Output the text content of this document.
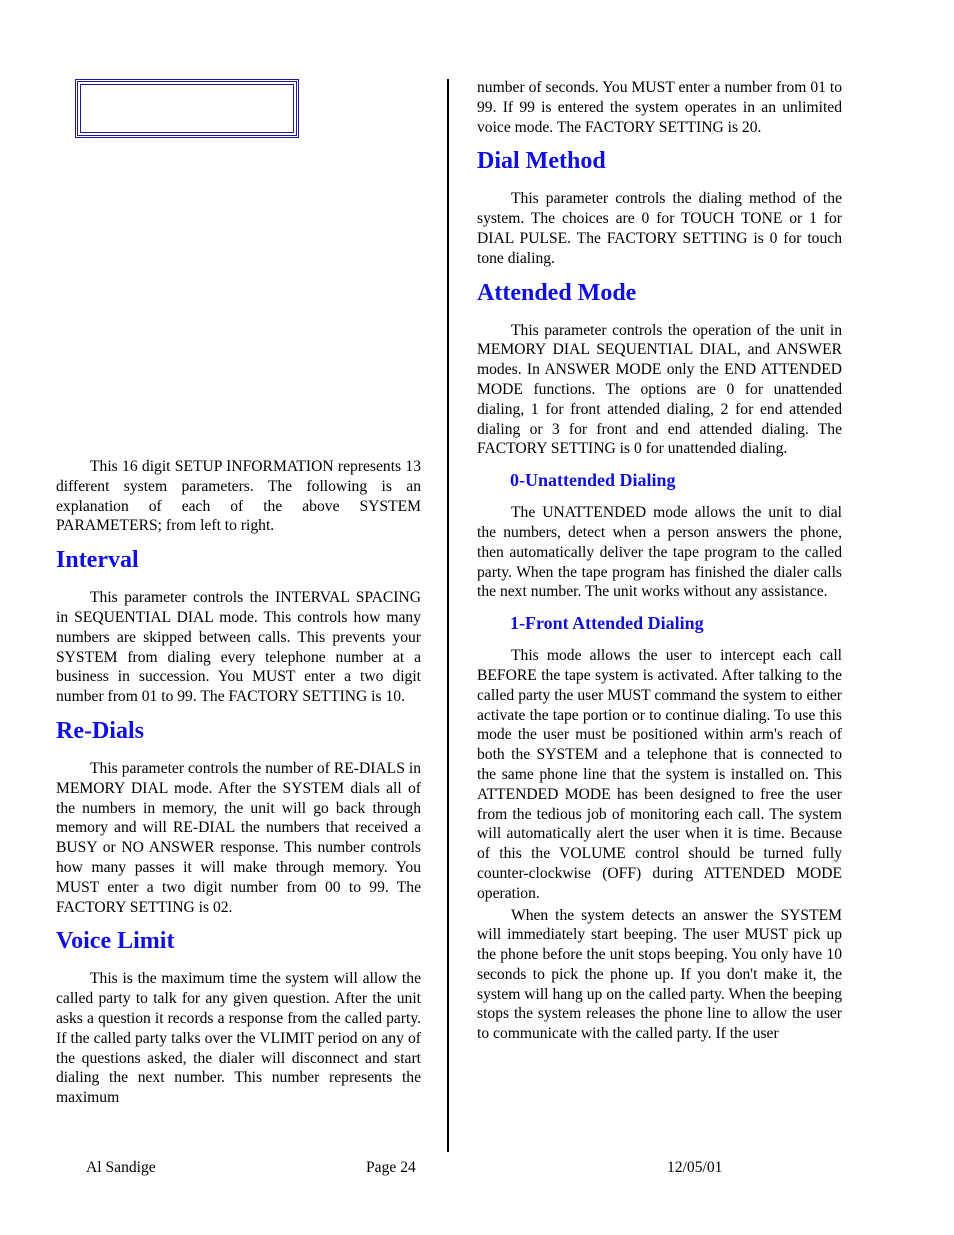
This 16 digit SETUP INFORMATION represents 13 different system parameters. The following is an explanation of each of the above SYSTEM PARAMETERS; from left to right.

Interval

This parameter controls the INTERVAL SPACING in SEQUENTIAL DIAL mode. This controls how many numbers are skipped between calls. This prevents your SYSTEM from dialing every telephone number at a business in succession. You MUST enter a two digit number from 01 to 99. The FACTORY SETTING is 10.

Re-Dials

This parameter controls the number of RE-DIALS in MEMORY DIAL mode. After the SYSTEM dials all of the numbers in memory, the unit will go back through memory and will RE-DIAL the numbers that received a BUSY or NO ANSWER response. This number controls how many passes it will make through memory. You MUST enter a two digit number from 00 to 99. The FACTORY SETTING is 02.

Voice Limit

This is the maximum time the system will allow the called party to talk for any given question. After the unit asks a question it records a response from the called party. If the called party talks over the VLIMIT period on any of the questions asked, the dialer will disconnect and start dialing the next number. This number represents the maximum

number of seconds. You MUST enter a number from 01 to 99. If 99 is entered the system operates in an unlimited voice mode. The FACTORY SETTING is 20.

Dial Method

This parameter controls the dialing method of the system. The choices are 0 for TOUCH TONE or 1 for DIAL PULSE. The FACTORY SETTING is 0 for touch tone dialing.

Attended Mode

This parameter controls the operation of the unit in MEMORY DIAL SEQUENTIAL DIAL, and ANSWER modes. In ANSWER MODE only the END ATTENDED MODE functions. The options are 0 for unattended dialing, 1 for front attended dialing, 2 for end attended dialing or 3 for front and end attended dialing. The FACTORY SETTING is 0 for unattended dialing.

0-Unattended Dialing

The UNATTENDED mode allows the unit to dial the numbers, detect when a person answers the phone, then automatically deliver the tape program to the called party. When the tape program has finished the dialer calls the next number. The unit works without any assistance.

1-Front Attended Dialing

This mode allows the user to intercept each call BEFORE the tape system is activated. After talking to the called party the user MUST command the system to either activate the tape portion or to continue dialing. To use this mode the user must be positioned within arm's reach of both the SYSTEM and a telephone that is connected to the same phone line that the system is installed on. This ATTENDED MODE has been designed to free the user from the tedious job of monitoring each call. The system will automatically alert the user when it is time. Because of this the VOLUME control should be turned fully counter-clockwise (OFF) during ATTENDED MODE operation.

When the system detects an answer the SYSTEM will immediately start beeping. The user MUST pick up the phone before the unit stops beeping. You only have 10 seconds to pick the phone up. If you don't make it, the system will hang up on the called party. When the beeping stops the system releases the phone line to allow the user to communicate with the called party. If the user

Al Sandige	Page 24	12/05/01
